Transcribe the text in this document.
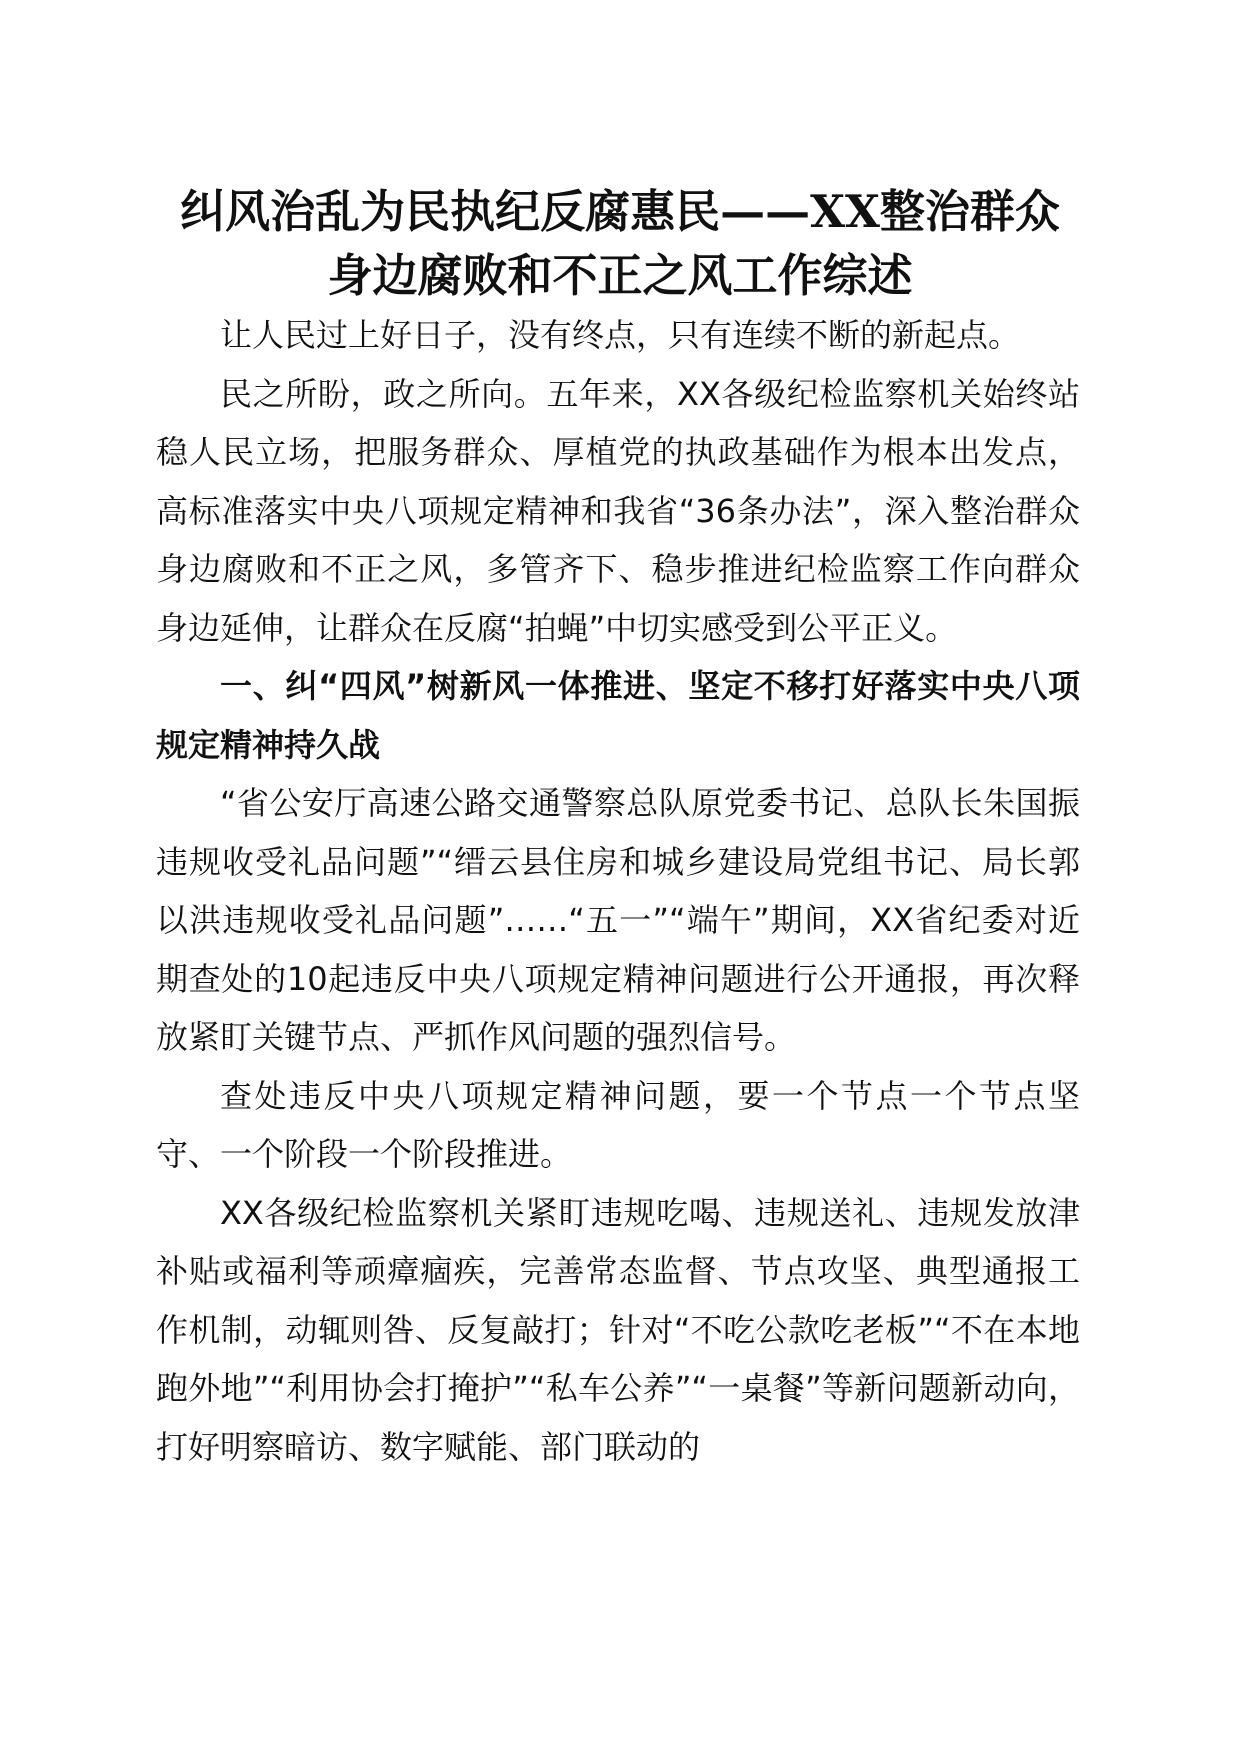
纠风治乱为民执纪反腐惠民——XX整治群众
身边腐败和不正之风工作综述

让人民过上好日子，没有终点，只有连续不断的新起点。

民之所盼，政之所向。五年来，XX各级纪检监察机关始终站稳人民立场，把服务群众、厚植党的执政基础作为根本出发点，高标准落实中央八项规定精神和我省“36条办法”，深入整治群众身边腐败和不正之风，多管齐下、稳步推进纪检监察工作向群众身边延伸，让群众在反腐“拍蝇”中切实感受到公平正义。

一、纠“四风”树新风一体推进、坚定不移打好落实中央八项规定精神持久战

“省公安厅高速公路交通警察总队原党委书记、总队长朱国振违规收受礼品问题”“缙云县住房和城乡建设局党组书记、局长郭以洪违规收受礼品问题”……“五一”“端午”期间，XX省纪委对近期查处的10起违反中央八项规定精神问题进行公开通报，再次释放紧盯关键节点、严抓作风问题的强烈信号。

查处违反中央八项规定精神问题，要一个节点一个节点坚守、一个阶段一个阶段推进。

XX各级纪检监察机关紧盯违规吃喝、违规送礼、违规发放津补贴或福利等顽瘴痼疾，完善常态监督、节点攻坚、典型通报工作机制，动辄则咎、反复敲打；针对“不吃公款吃老板”“不在本地跑外地”“利用协会打掩护”“私车公养”“一桌餐”等新问题新动向，打好明察暗访、数字赋能、部门联动的
